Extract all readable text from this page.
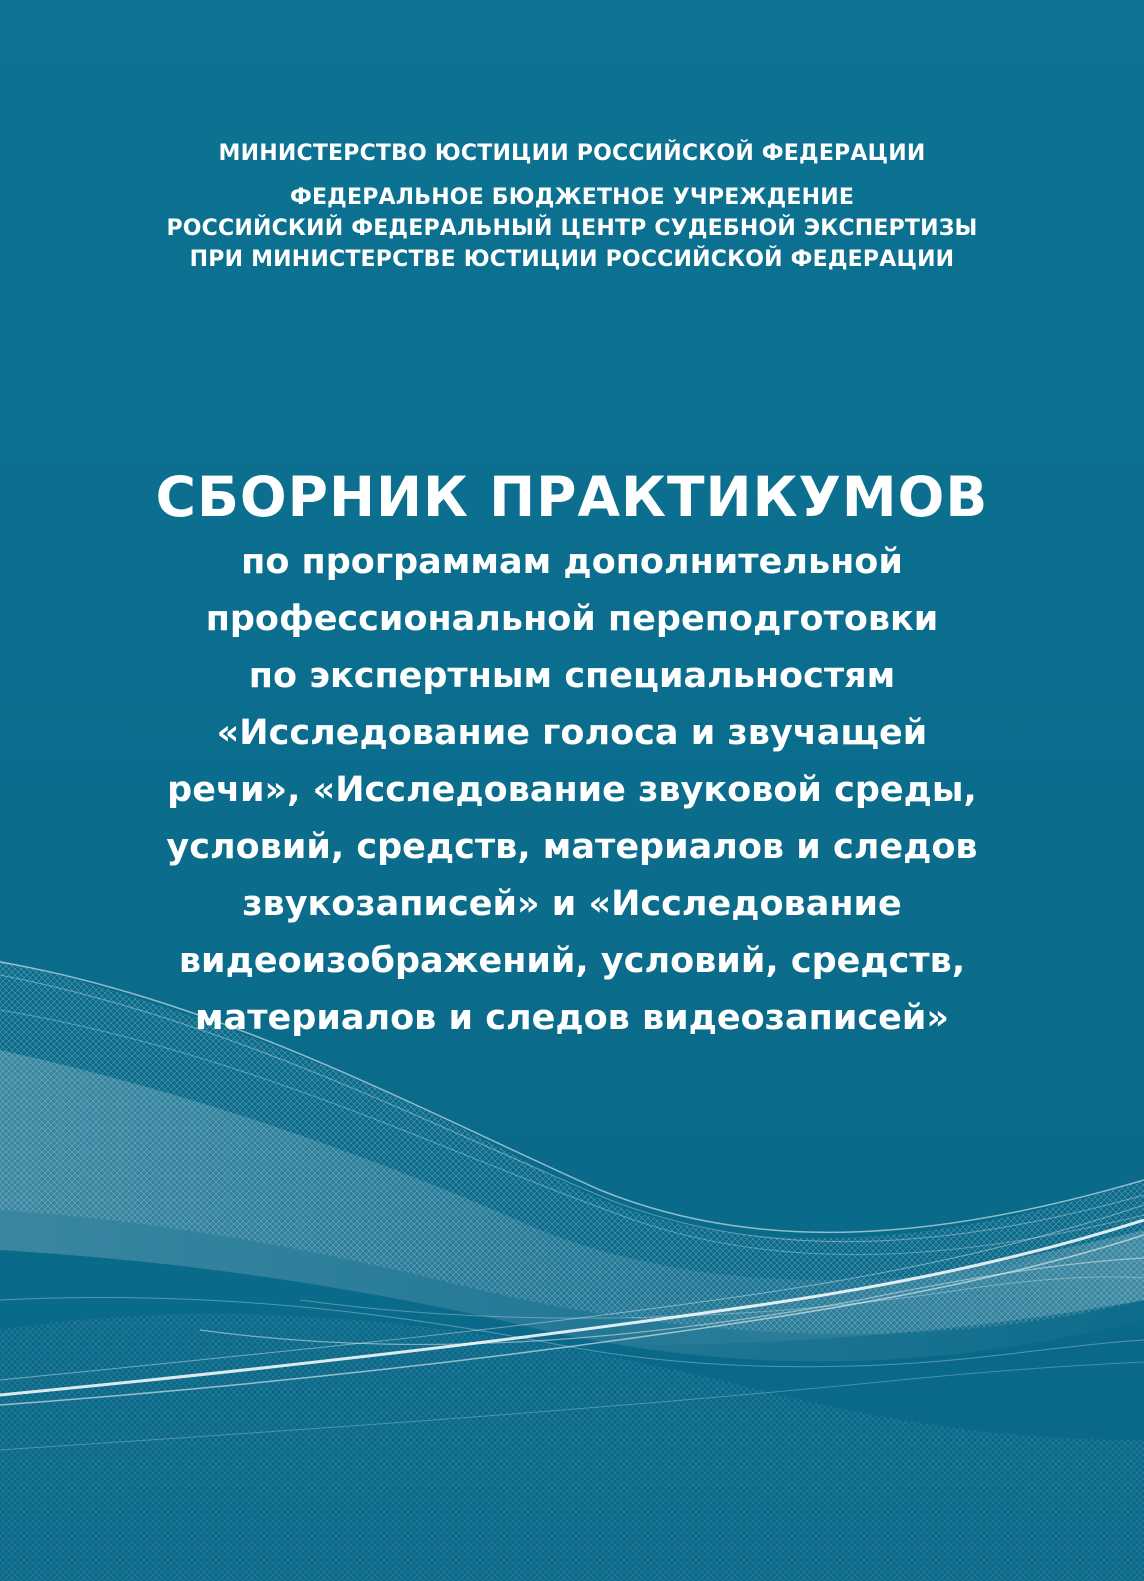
МИНИСТЕРСТВО ЮСТИЦИИ РОССИЙСКОЙ ФЕДЕРАЦИИ
ФЕДЕРАЛЬНОЕ БЮДЖЕТНОЕ УЧРЕЖДЕНИЕ
РОССИЙСКИЙ ФЕДЕРАЛЬНЫЙ ЦЕНТР СУДЕБНОЙ ЭКСПЕРТИЗЫ
ПРИ МИНИСТЕРСТВЕ ЮСТИЦИИ РОССИЙСКОЙ ФЕДЕРАЦИИ
СБОРНИК ПРАКТИКУМОВ
по программам дополнительной
профессиональной переподготовки
по экспертным специальностям
«Исследование голоса и звучащей
речи», «Исследование звуковой среды,
условий, средств, материалов и следов
звукозаписей» и «Исследование
видеоизображений, условий, средств,
материалов и следов видеозаписей»
